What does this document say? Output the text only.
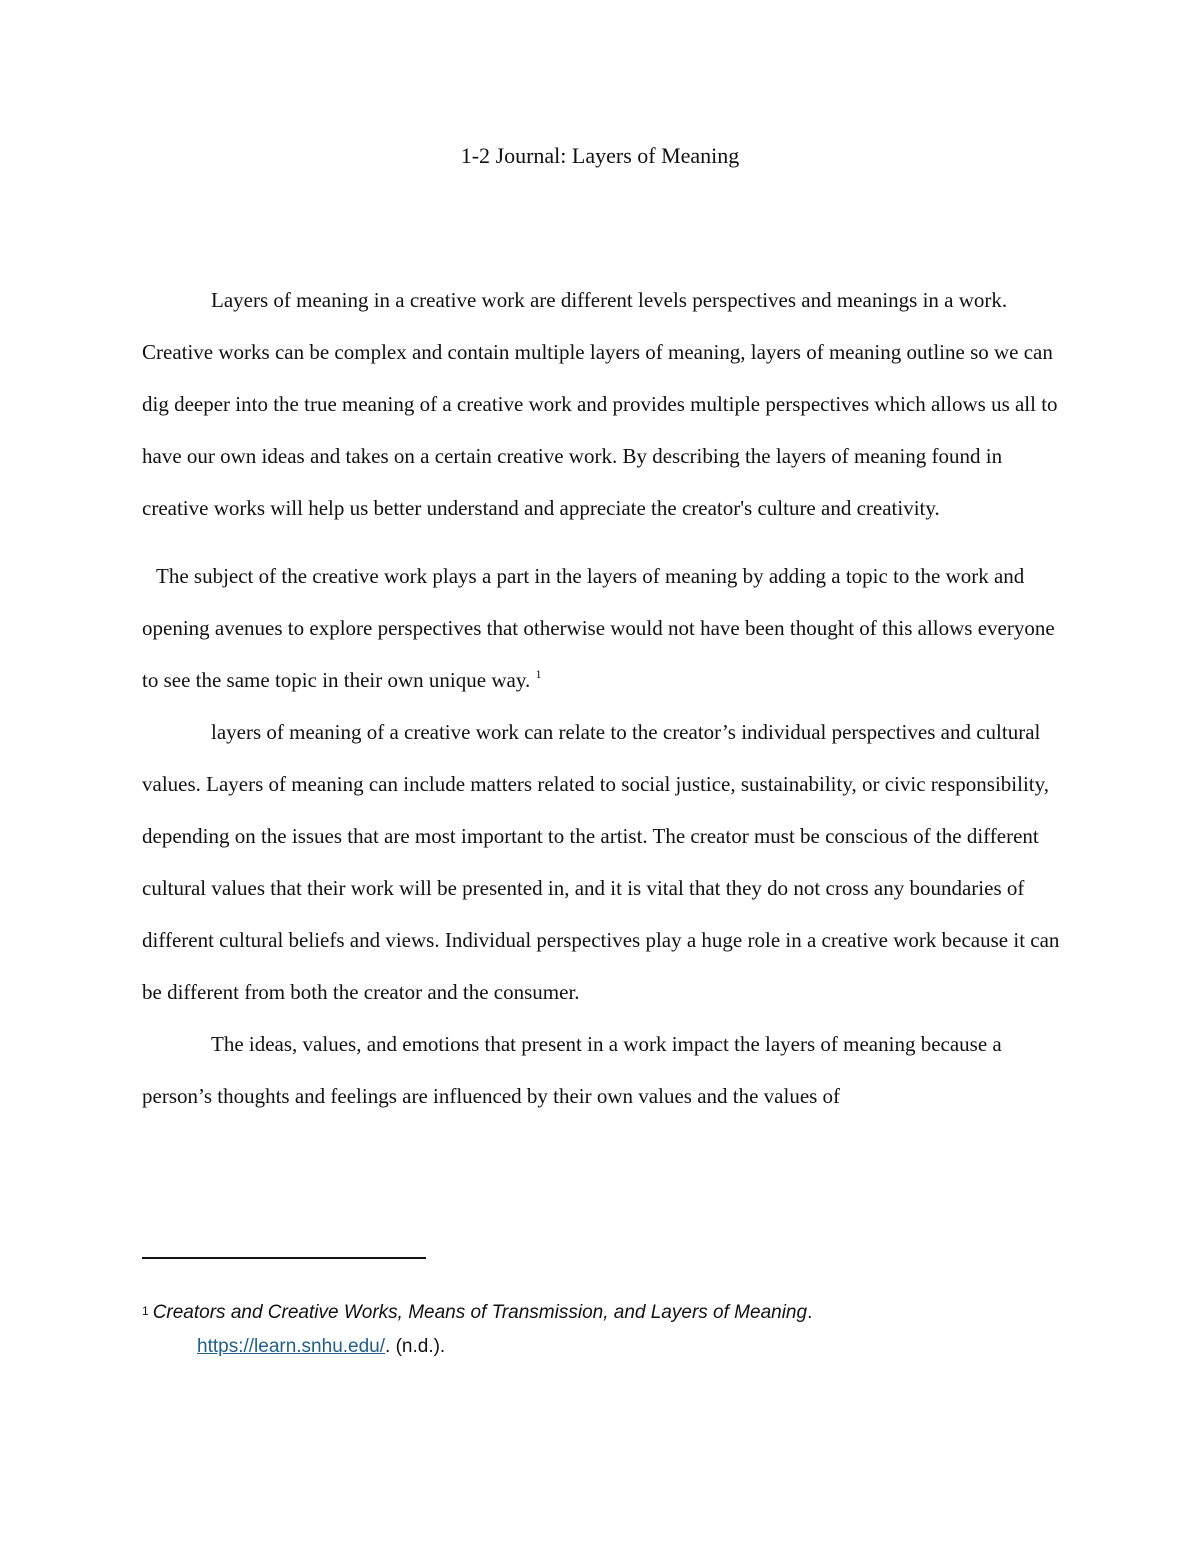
1-2 Journal: Layers of Meaning

Layers of meaning in a creative work are different levels perspectives and meanings in a work. Creative works can be complex and contain multiple layers of meaning, layers of meaning outline so we can dig deeper into the true meaning of a creative work and provides multiple perspectives which allows us all to have our own ideas and takes on a certain creative work. By describing the layers of meaning found in creative works will help us better understand and appreciate the creator's culture and creativity.

The subject of the creative work plays a part in the layers of meaning by adding a topic to the work and opening avenues to explore perspectives that otherwise would not have been thought of this allows everyone to see the same topic in their own unique way. $^1$

layers of meaning of a creative work can relate to the creator’s individual perspectives and cultural values. Layers of meaning can include matters related to social justice, sustainability, or civic responsibility, depending on the issues that are most important to the artist. The creator must be conscious of the different cultural values that their work will be presented in, and it is vital that they do not cross any boundaries of different cultural beliefs and views. Individual perspectives play a huge role in a creative work because it can be different from both the creator and the consumer.

The ideas, values, and emotions that present in a work impact the layers of meaning because a person’s thoughts and feelings are influenced by their own values and the values of

$^1$ Creators and Creative Works, Means of Transmission, and Layers of Meaning.
https://learn.snhu.edu/. (n.d.).
